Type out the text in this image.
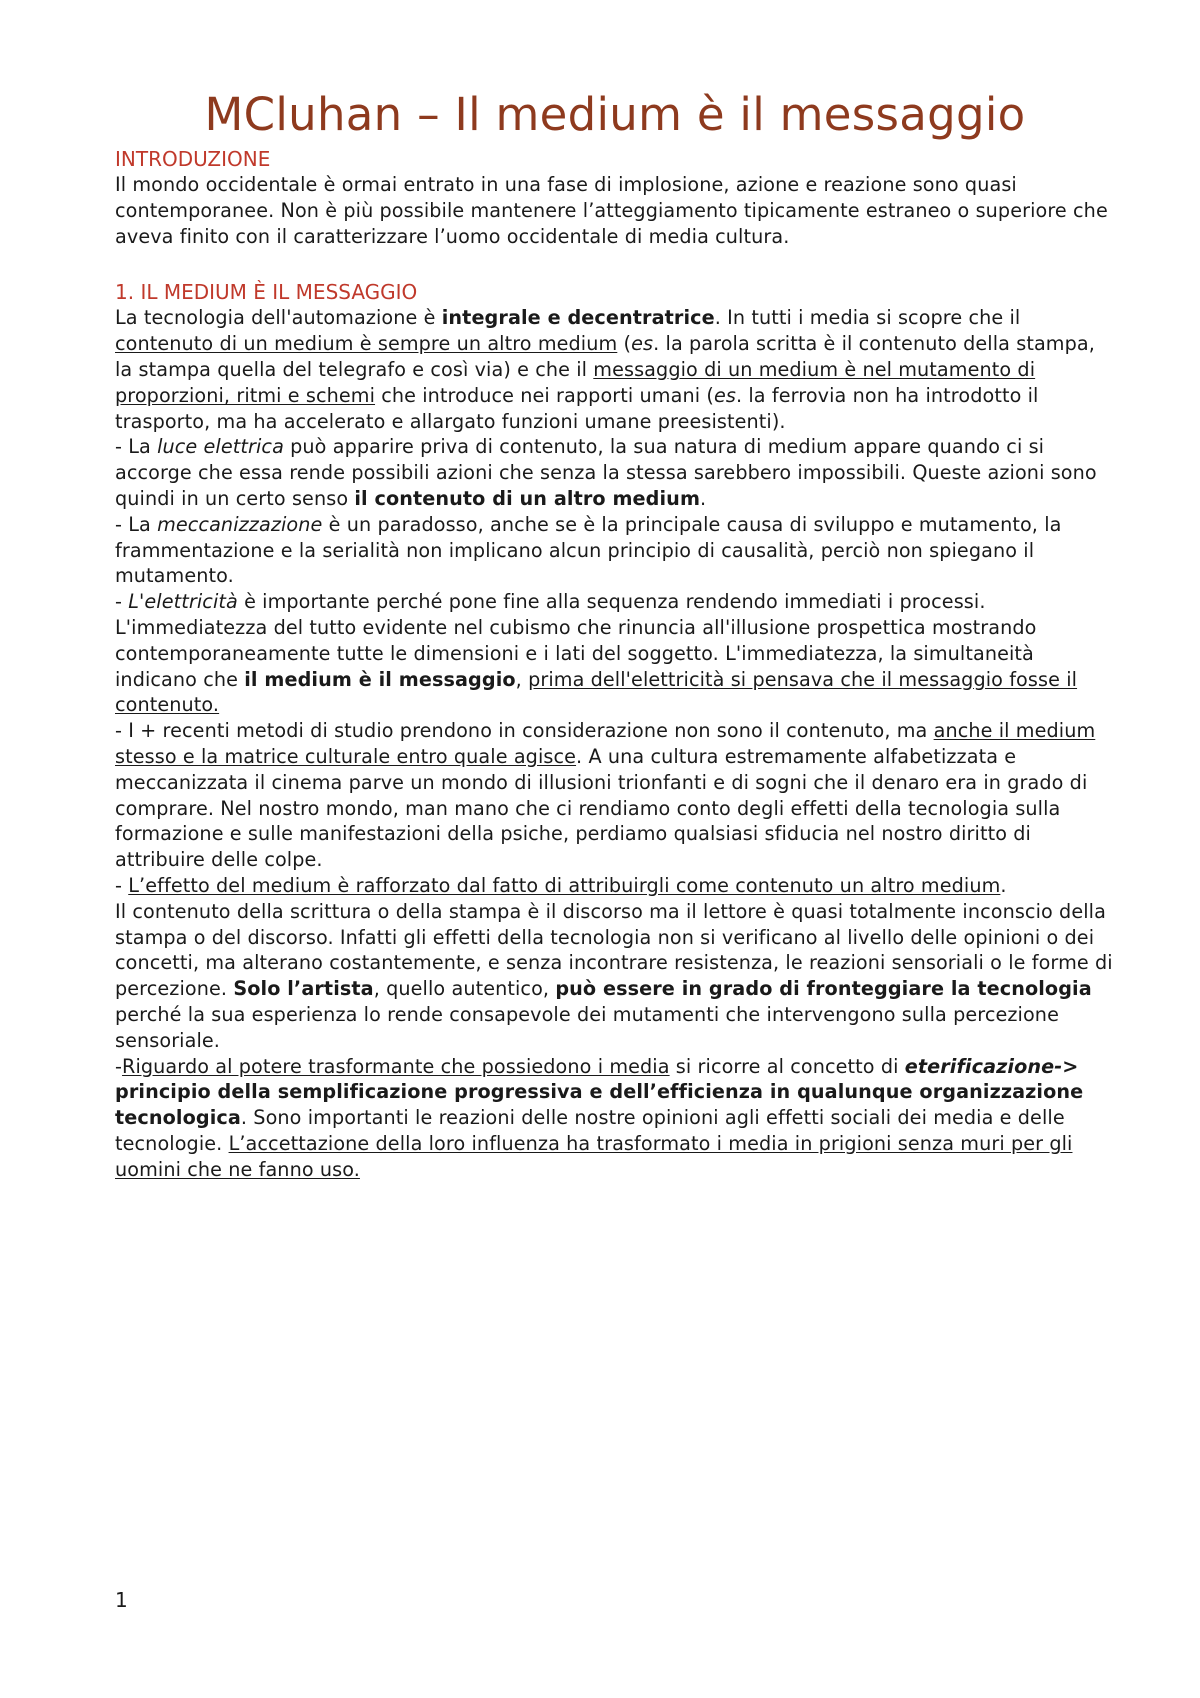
MCluhan – Il medium è il messaggio
INTRODUZIONE

Il mondo occidentale è ormai entrato in una fase di implosione, azione e reazione sono quasi contemporanee. Non è più possibile mantenere l’atteggiamento tipicamente estraneo o superiore che aveva finito con il caratterizzare l’uomo occidentale di media cultura.

1. IL MEDIUM È IL MESSAGGIO

La tecnologia dell'automazione è integrale e decentratrice. In tutti i media si scopre che il contenuto di un medium è sempre un altro medium (es. la parola scritta è il contenuto della stampa, la stampa quella del telegrafo e così via) e che il messaggio di un medium è nel mutamento di proporzioni, ritmi e schemi che introduce nei rapporti umani (es. la ferrovia non ha introdotto il trasporto, ma ha accelerato e allargato funzioni umane preesistenti).

- La luce elettrica può apparire priva di contenuto, la sua natura di medium appare quando ci si accorge che essa rende possibili azioni che senza la stessa sarebbero impossibili. Queste azioni sono quindi in un certo senso il contenuto di un altro medium.

- La meccanizzazione è un paradosso, anche se è la principale causa di sviluppo e mutamento, la frammentazione e la serialità non implicano alcun principio di causalità, perciò non spiegano il mutamento.

- L'elettricità è importante perché pone fine alla sequenza rendendo immediati i processi. L'immediatezza del tutto evidente nel cubismo che rinuncia all'illusione prospettica mostrando contemporaneamente tutte le dimensioni e i lati del soggetto. L'immediatezza, la simultaneità indicano che il medium è il messaggio, prima dell'elettricità si pensava che il messaggio fosse il contenuto.

- I + recenti metodi di studio prendono in considerazione non sono il contenuto, ma anche il medium stesso e la matrice culturale entro quale agisce. A una cultura estremamente alfabetizzata e meccanizzata il cinema parve un mondo di illusioni trionfanti e di sogni che il denaro era in grado di comprare. Nel nostro mondo, man mano che ci rendiamo conto degli effetti della tecnologia sulla formazione e sulle manifestazioni della psiche, perdiamo qualsiasi sfiducia nel nostro diritto di attribuire delle colpe.

- L’effetto del medium è rafforzato dal fatto di attribuirgli come contenuto un altro medium.

Il contenuto della scrittura o della stampa è il discorso ma il lettore è quasi totalmente inconscio della stampa o del discorso. Infatti gli effetti della tecnologia non si verificano al livello delle opinioni o dei concetti, ma alterano costantemente, e senza incontrare resistenza, le reazioni sensoriali o le forme di percezione. Solo l’artista, quello autentico, può essere in grado di fronteggiare la tecnologia perché la sua esperienza lo rende consapevole dei mutamenti che intervengono sulla percezione sensoriale.

-Riguardo al potere trasformante che possiedono i media si ricorre al concetto di eterificazione->
principio della semplificazione progressiva e dell’efficienza in qualunque organizzazione tecnologica. Sono importanti le reazioni delle nostre opinioni agli effetti sociali dei media e delle tecnologie. L’accettazione della loro influenza ha trasformato i media in prigioni senza muri per gli uomini che ne fanno uso.

1
